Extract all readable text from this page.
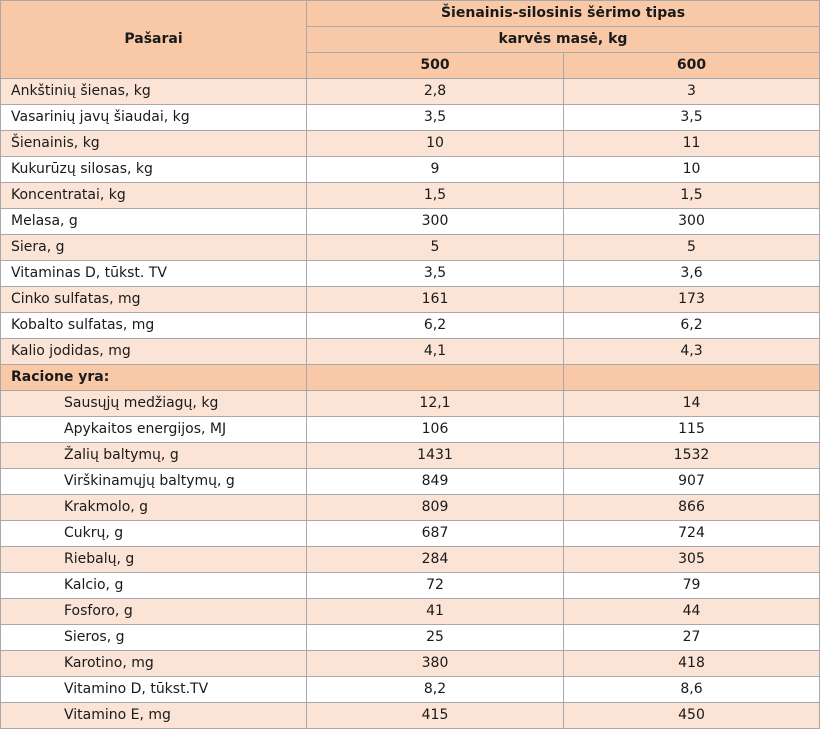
Pašarai	Šienainis-silosinis šėrimo tipas	
	karvės masė, kg	
	500	600
Ankštinių šienas, kg	2,8	3
Vasarinių javų šiaudai, kg	3,5	3,5
Šienainis, kg	10	11
Kukurūzų silosas, kg	9	10
Koncentratai, kg	1,5	1,5
Melasa, g	300	300
Siera, g	5	5
Vitaminas D, tūkst. TV	3,5	3,6
Cinko sulfatas, mg	161	173
Kobalto sulfatas, mg	6,2	6,2
Kalio jodidas, mg	4,1	4,3
Racione yra:		
Sausųjų medžiagų, kg	12,1	14
Apykaitos energijos, MJ	106	115
Žalių baltymų, g	1431	1532
Virškinamųjų baltymų, g	849	907
Krakmolo, g	809	866
Cukrų, g	687	724
Riebalų, g	284	305
Kalcio, g	72	79
Fosforo, g	41	44
Sieros, g	25	27
Karotino, mg	380	418
Vitamino D, tūkst.TV	8,2	8,6
Vitamino E, mg	415	450
